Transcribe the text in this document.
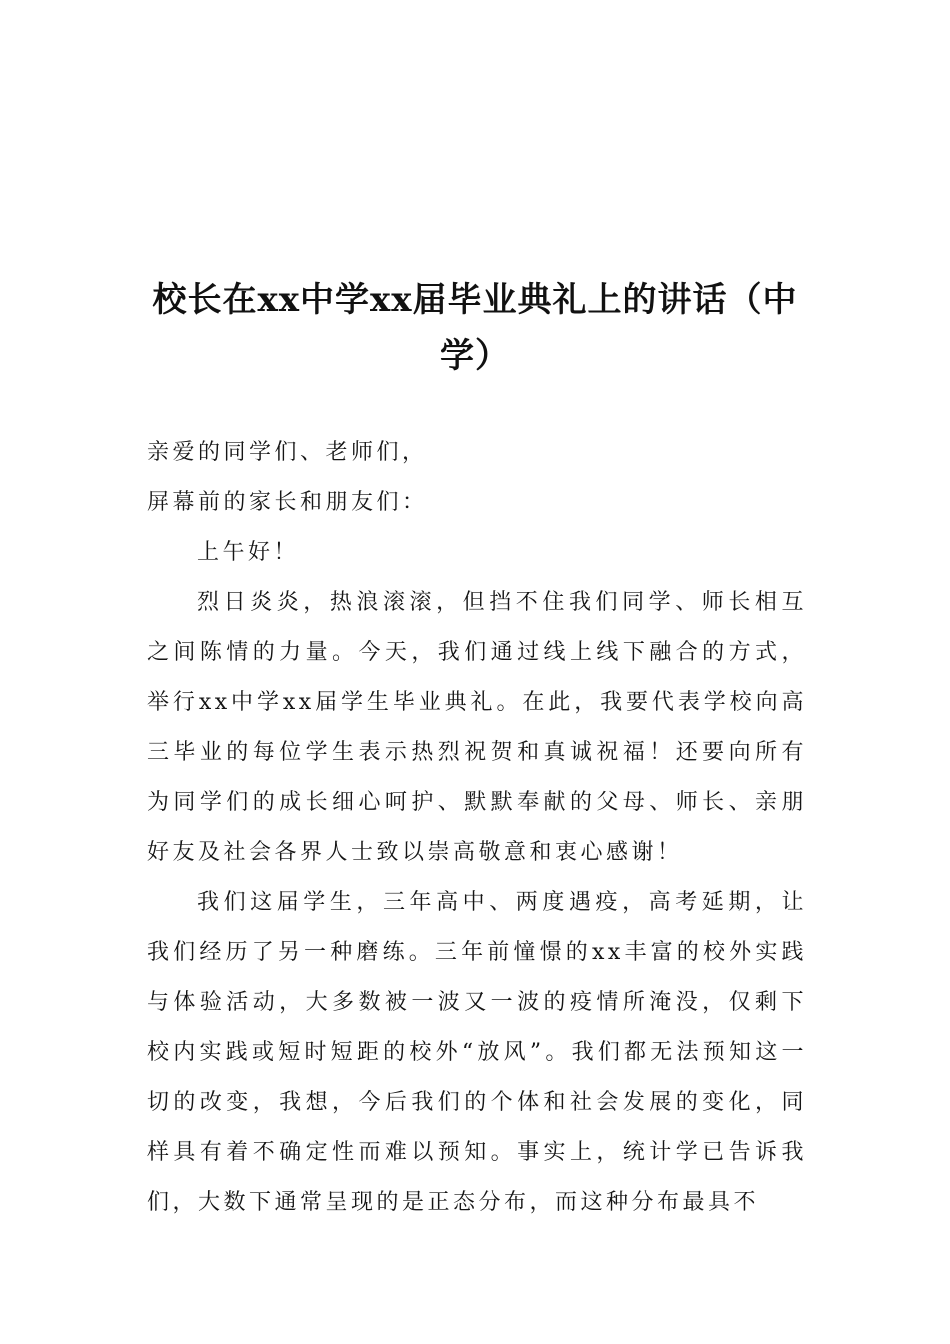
校长在xx中学xx届毕业典礼上的讲话（中学）
亲爱的同学们、老师们，
屏幕前的家长和朋友们：
上午好！
烈日炎炎，热浪滚滚，但挡不住我们同学、师长相互之间陈情的力量。今天，我们通过线上线下融合的方式，举行xx中学xx届学生毕业典礼。在此，我要代表学校向高三毕业的每位学生表示热烈祝贺和真诚祝福！还要向所有为同学们的成长细心呵护、默默奉献的父母、师长、亲朋好友及社会各界人士致以崇高敬意和衷心感谢！
我们这届学生，三年高中、两度遇疫，高考延期，让我们经历了另一种磨练。三年前憧憬的xx丰富的校外实践与体验活动，大多数被一波又一波的疫情所淹没，仅剩下校内实践或短时短距的校外“放风”。我们都无法预知这一切的改变，我想，今后我们的个体和社会发展的变化，同样具有着不确定性而难以预知。事实上，统计学已告诉我们，大数下通常呈现的是正态分布，而这种分布最具不
